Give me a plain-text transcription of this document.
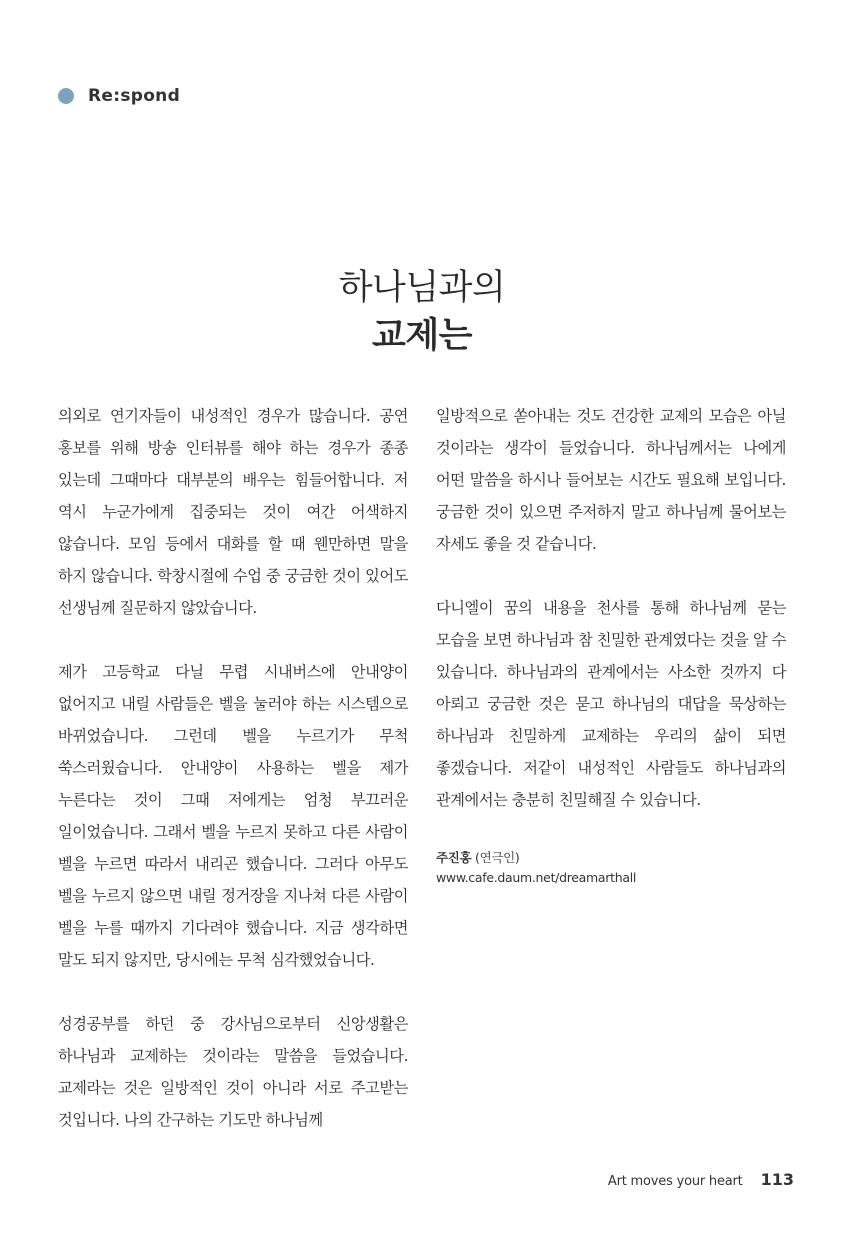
Re:spond
하나님과의
교제는

의외로 연기자들이 내성적인 경우가 많습니다. 공연 홍보를 위해 방송 인터뷰를 해야 하는 경우가 종종 있는데 그때마다 대부분의 배우는 힘들어합니다. 저 역시 누군가에게 집중되는 것이 여간 어색하지 않습니다. 모임 등에서 대화를 할 때 웬만하면 말을 하지 않습니다. 학창시절에 수업 중 궁금한 것이 있어도 선생님께 질문하지 않았습니다.

제가 고등학교 다닐 무렵 시내버스에 안내양이 없어지고 내릴 사람들은 벨을 눌러야 하는 시스템으로 바뀌었습니다. 그런데 벨을 누르기가 무척 쑥스러웠습니다. 안내양이 사용하는 벨을 제가 누른다는 것이 그때 저에게는 엄청 부끄러운 일이었습니다. 그래서 벨을 누르지 못하고 다른 사람이 벨을 누르면 따라서 내리곤 했습니다. 그러다 아무도 벨을 누르지 않으면 내릴 정거장을 지나쳐 다른 사람이 벨을 누를 때까지 기다려야 했습니다. 지금 생각하면 말도 되지 않지만, 당시에는 무척 심각했었습니다.

성경공부를 하던 중 강사님으로부터 신앙생활은 하나님과 교제하는 것이라는 말씀을 들었습니다. 교제라는 것은 일방적인 것이 아니라 서로 주고받는 것입니다. 나의 간구하는 기도만 하나님께

일방적으로 쏟아내는 것도 건강한 교제의 모습은 아닐 것이라는 생각이 들었습니다. 하나님께서는 나에게 어떤 말씀을 하시나 들어보는 시간도 필요해 보입니다. 궁금한 것이 있으면 주저하지 말고 하나님께 물어보는 자세도 좋을 것 같습니다.

다니엘이 꿈의 내용을 천사를 통해 하나님께 묻는 모습을 보면 하나님과 참 친밀한 관계였다는 것을 알 수 있습니다. 하나님과의 관계에서는 사소한 것까지 다 아뢰고 궁금한 것은 묻고 하나님의 대답을 묵상하는 하나님과 친밀하게 교제하는 우리의 삶이 되면 좋겠습니다. 저같이 내성적인 사람들도 하나님과의 관계에서는 충분히 친밀해질 수 있습니다.

주진홍 (연극인)
www.cafe.daum.net/dreamarthall
Art moves your heart 113
